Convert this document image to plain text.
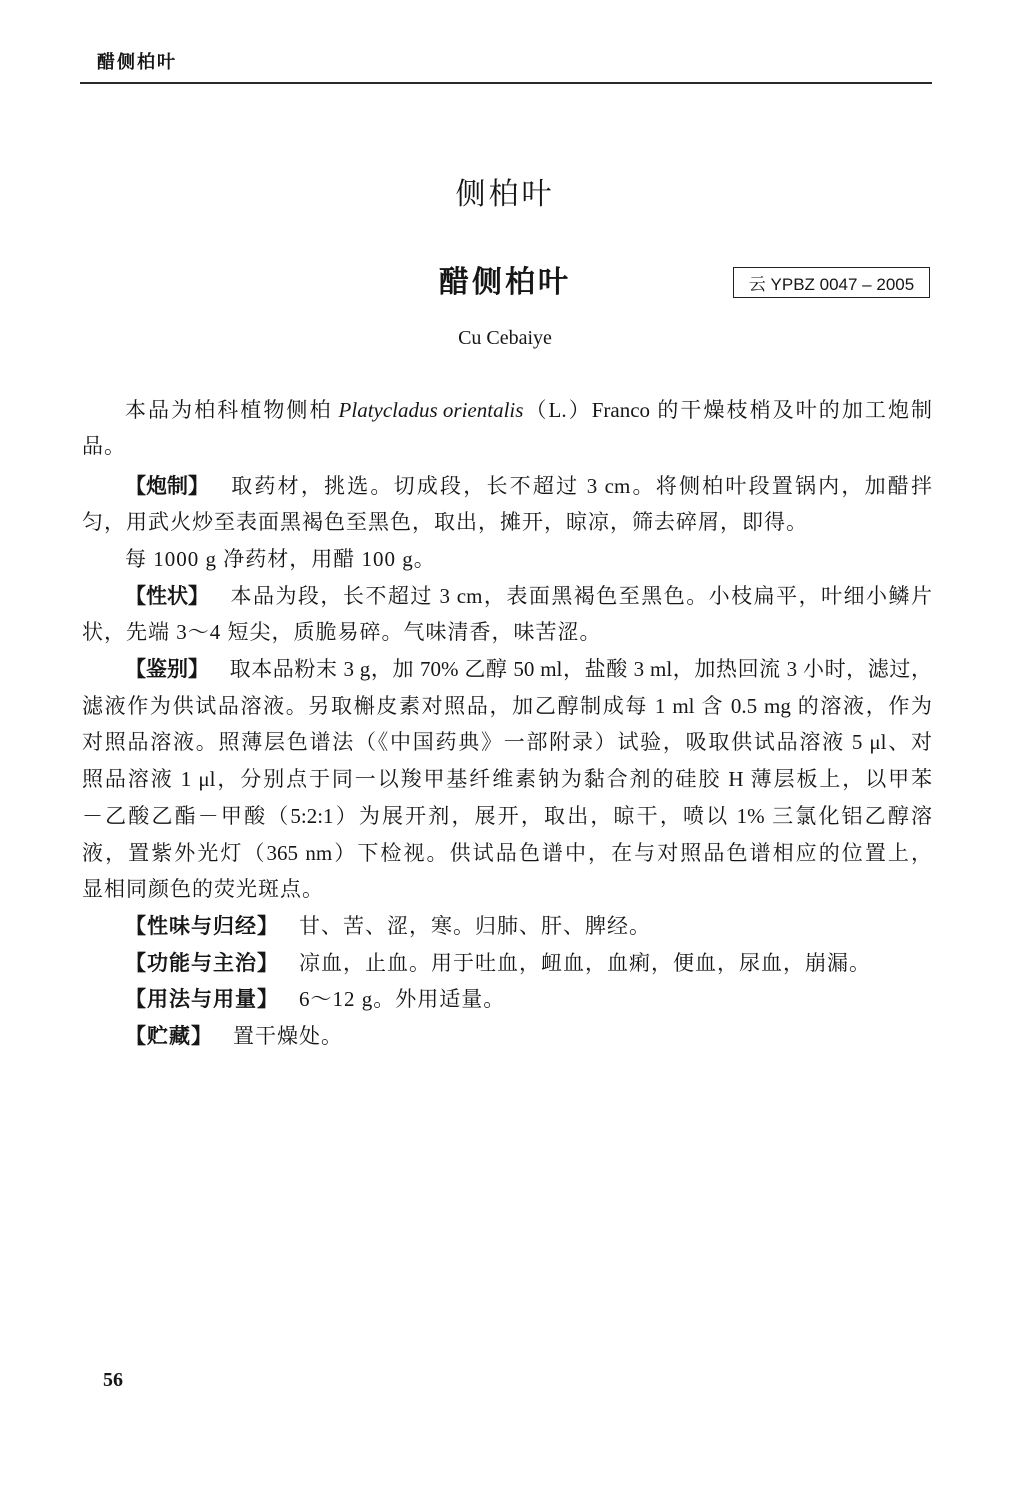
醋侧柏叶
侧柏叶
醋侧柏叶	云 YPBZ 0047 – 2005
Cu Cebaiye
本品为柏科植物侧柏 Platycladus orientalis（L.）Franco 的干燥枝梢及叶的加工炮制
品。
【炮制】 取药材，挑选。切成段，长不超过 3 cm。将侧柏叶段置锅内，加醋拌
匀，用武火炒至表面黑褐色至黑色，取出，摊开，晾凉，筛去碎屑，即得。
每 1000 g 净药材，用醋 100 g。
【性状】 本品为段，长不超过 3 cm，表面黑褐色至黑色。小枝扁平，叶细小鳞片
状，先端 3～4 短尖，质脆易碎。气味清香，味苦涩。
【鉴别】 取本品粉末 3 g，加 70% 乙醇 50 ml，盐酸 3 ml，加热回流 3 小时，滤过，
滤液作为供试品溶液。另取槲皮素对照品，加乙醇制成每 1 ml 含 0.5 mg 的溶液，作为
对照品溶液。照薄层色谱法（《中国药典》一部附录）试验，吸取供试品溶液 5 μl、对
照品溶液 1 μl，分别点于同一以羧甲基纤维素钠为黏合剂的硅胶 H 薄层板上，以甲苯
－乙酸乙酯－甲酸（5:2:1）为展开剂，展开，取出，晾干，喷以 1% 三氯化铝乙醇溶
液，置紫外光灯（365 nm）下检视。供试品色谱中，在与对照品色谱相应的位置上，
显相同颜色的荧光斑点。
【性味与归经】 甘、苦、涩，寒。归肺、肝、脾经。
【功能与主治】 凉血，止血。用于吐血，衄血，血痢，便血，尿血，崩漏。
【用法与用量】 6～12 g。外用适量。
【贮藏】 置干燥处。
56
